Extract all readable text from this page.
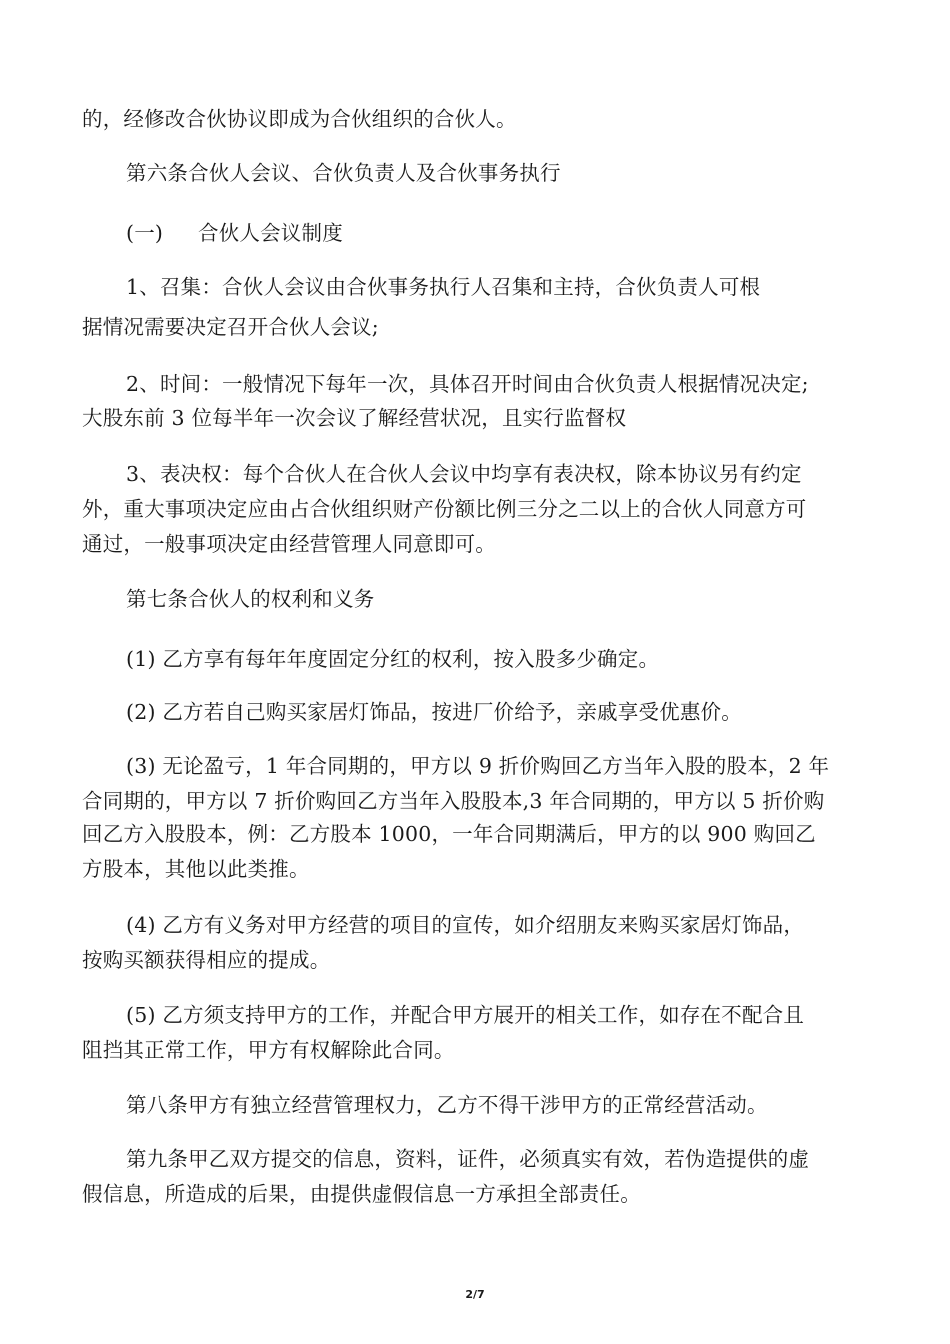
的，经修改合伙协议即成为合伙组织的合伙人。

第六条合伙人会议、合伙负责人及合伙事务执行

(一) 合伙人会议制度

1、召集：合伙人会议由合伙事务执行人召集和主持，合伙负责人可根

据情况需要决定召开合伙人会议;

2、时间：一般情况下每年一次，具体召开时间由合伙负责人根据情况决定;

大股东前 3 位每半年一次会议了解经营状况，且实行监督权

3、表决权：每个合伙人在合伙人会议中均享有表决权，除本协议另有约定

外，重大事项决定应由占合伙组织财产份额比例三分之二以上的合伙人同意方可

通过，一般事项决定由经营管理人同意即可。

第七条合伙人的权利和义务

(1) 乙方享有每年年度固定分红的权利，按入股多少确定。

(2) 乙方若自己购买家居灯饰品，按进厂价给予，亲戚享受优惠价。

(3) 无论盈亏，1 年合同期的，甲方以 9 折价购回乙方当年入股的股本，2 年

合同期的，甲方以 7 折价购回乙方当年入股股本,3 年合同期的，甲方以 5 折价购

回乙方入股股本，例：乙方股本 1000，一年合同期满后，甲方的以 900 购回乙

方股本，其他以此类推。

(4) 乙方有义务对甲方经营的项目的宣传，如介绍朋友来购买家居灯饰品，

按购买额获得相应的提成。

(5) 乙方须支持甲方的工作，并配合甲方展开的相关工作，如存在不配合且

阻挡其正常工作，甲方有权解除此合同。

第八条甲方有独立经营管理权力，乙方不得干涉甲方的正常经营活动。

第九条甲乙双方提交的信息，资料，证件，必须真实有效，若伪造提供的虚

假信息，所造成的后果，由提供虚假信息一方承担全部责任。

2/7
